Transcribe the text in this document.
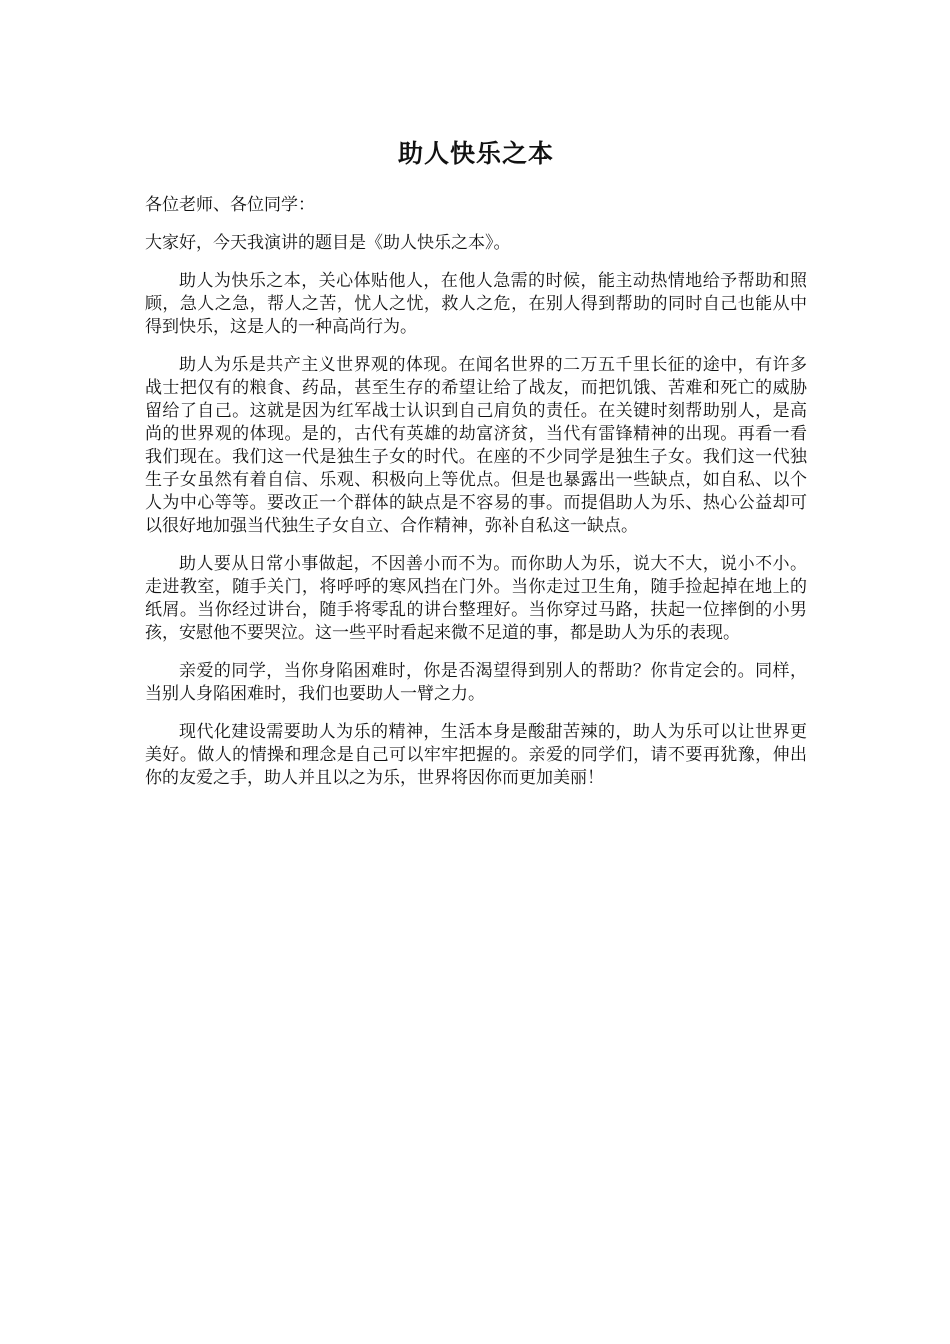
助人快乐之本

各位老师、各位同学：

大家好，今天我演讲的题目是《助人快乐之本》。

助人为快乐之本，关心体贴他人，在他人急需的时候，能主动热情地给予帮助和照顾，急人之急，帮人之苦，忧人之忧，救人之危，在别人得到帮助的同时自己也能从中得到快乐，这是人的一种高尚行为。

助人为乐是共产主义世界观的体现。在闻名世界的二万五千里长征的途中，有许多战士把仅有的粮食、药品，甚至生存的希望让给了战友，而把饥饿、苦难和死亡的威胁留给了自己。这就是因为红军战士认识到自己肩负的责任。在关键时刻帮助别人，是高尚的世界观的体现。是的，古代有英雄的劫富济贫，当代有雷锋精神的出现。再看一看我们现在。我们这一代是独生子女的时代。在座的不少同学是独生子女。我们这一代独生子女虽然有着自信、乐观、积极向上等优点。但是也暴露出一些缺点，如自私、以个人为中心等等。要改正一个群体的缺点是不容易的事。而提倡助人为乐、热心公益却可以很好地加强当代独生子女自立、合作精神，弥补自私这一缺点。

助人要从日常小事做起，不因善小而不为。而你助人为乐，说大不大，说小不小。走进教室，随手关门，将呼呼的寒风挡在门外。当你走过卫生角，随手捡起掉在地上的纸屑。当你经过讲台，随手将零乱的讲台整理好。当你穿过马路，扶起一位摔倒的小男孩，安慰他不要哭泣。这一些平时看起来微不足道的事，都是助人为乐的表现。

亲爱的同学，当你身陷困难时，你是否渴望得到别人的帮助？你肯定会的。同样，当别人身陷困难时，我们也要助人一臂之力。

现代化建设需要助人为乐的精神，生活本身是酸甜苦辣的，助人为乐可以让世界更美好。做人的情操和理念是自己可以牢牢把握的。亲爱的同学们，请不要再犹豫，伸出你的友爱之手，助人并且以之为乐，世界将因你而更加美丽！
